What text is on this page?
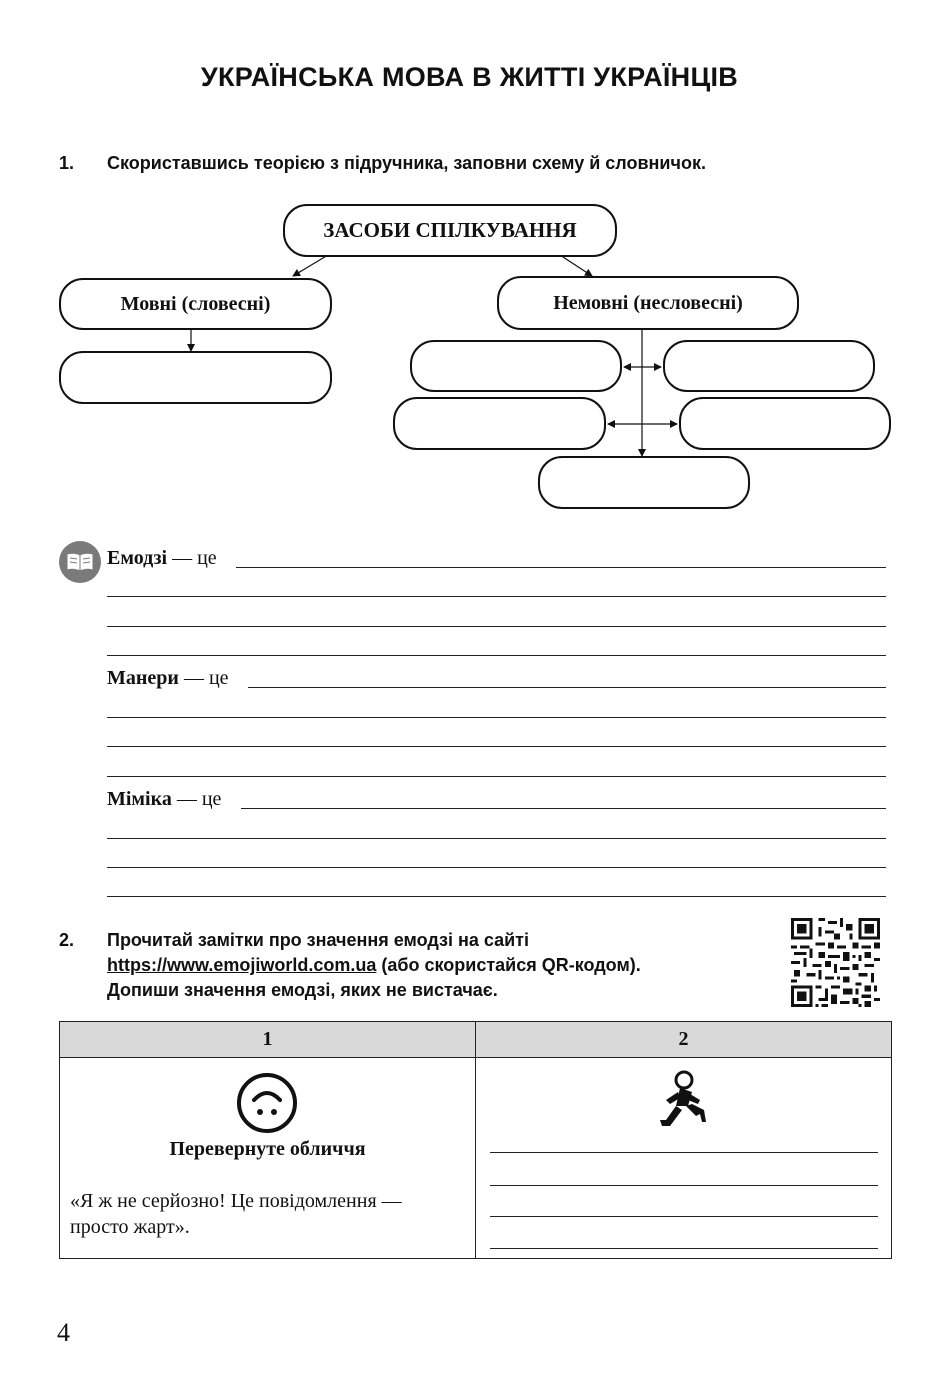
УКРАЇНСЬКА МОВА В ЖИТТІ УКРАЇНЦІВ
1. Скориставшись теорією з підручника, заповни схему й словничок.
ЗАСОБИ СПІЛКУВАННЯ
Мовні (словесні)	Немовні (несловесні)
Емодзі — це
Манери — це
Міміка — це
2. Прочитай замітки про значення емодзі на сайті
https://www.emojiworld.com.ua (або скористайся QR-кодом).
Допиши значення емодзі, яких не вистачає.
1	2

Перевернуте обличчя
«Я ж не серйозно! Це повідомлення — просто жарт».

4
